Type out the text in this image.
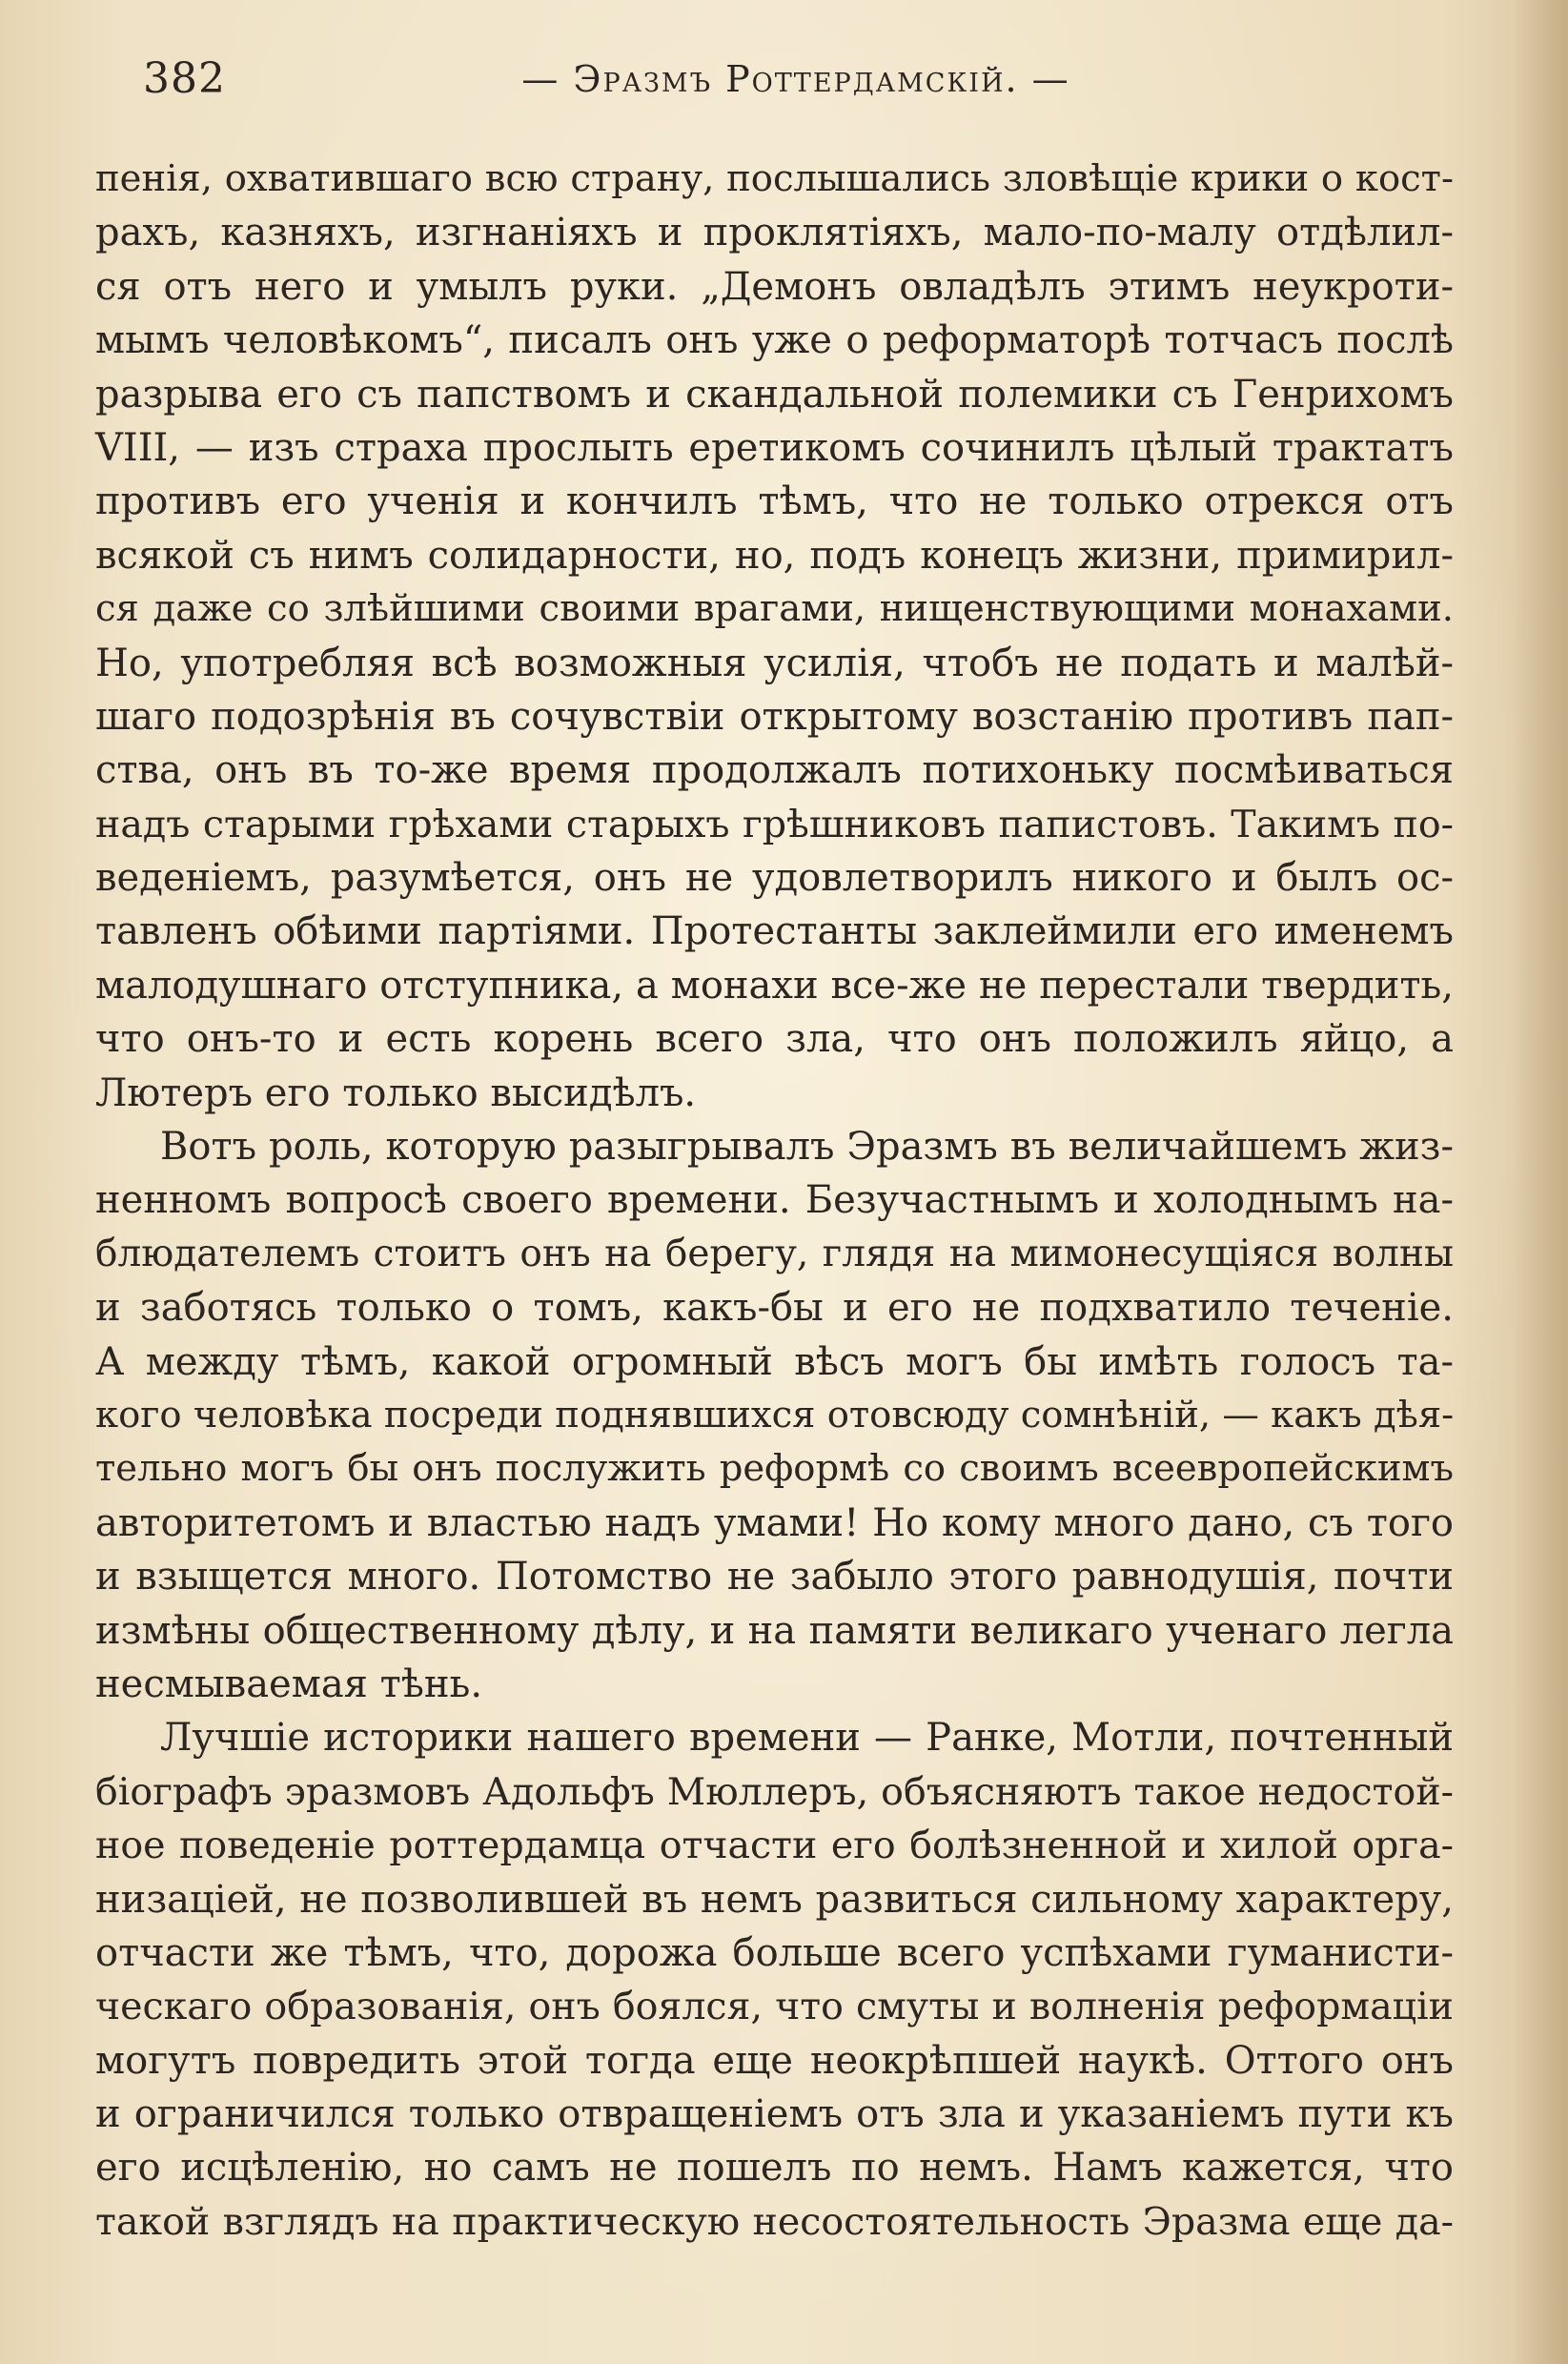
382	— Эразмъ Роттердамскій. —
пенія, охватившаго всю страну, послышались зловѣщіе крики о кост-
рахъ, казняхъ, изгнаніяхъ и проклятіяхъ, мало-по-малу отдѣлил-
ся отъ него и умылъ руки. „Демонъ овладѣлъ этимъ неукроти-
мымъ человѣкомъ“, писалъ онъ уже о реформаторѣ тотчасъ послѣ
разрыва его съ папствомъ и скандальной полемики съ Генрихомъ
VIII, — изъ страха прослыть еретикомъ сочинилъ цѣлый трактатъ
противъ его ученія и кончилъ тѣмъ, что не только отрекся отъ
всякой съ нимъ солидарности, но, подъ конецъ жизни, примирил-
ся даже со злѣйшими своими врагами, нищенствующими монахами.
Но, употребляя всѣ возможныя усилія, чтобъ не подать и малѣй-
шаго подозрѣнія въ сочувствіи открытому возстанію противъ пап-
ства, онъ въ то-же время продолжалъ потихоньку посмѣиваться
надъ старыми грѣхами старыхъ грѣшниковъ папистовъ. Такимъ по-
веденіемъ, разумѣется, онъ не удовлетворилъ никого и былъ ос-
тавленъ обѣими партіями. Протестанты заклеймили его именемъ
малодушнаго отступника, а монахи все-же не перестали твердить,
что онъ-то и есть корень всего зла, что онъ положилъ яйцо, а
Лютеръ его только высидѣлъ.
Вотъ роль, которую разыгрывалъ Эразмъ въ величайшемъ жиз-
ненномъ вопросѣ своего времени. Безучастнымъ и холоднымъ на-
блюдателемъ стоитъ онъ на берегу, глядя на мимонесущіяся волны
и заботясь только о томъ, какъ-бы и его не подхватило теченіе.
А между тѣмъ, какой огромный вѣсъ могъ бы имѣть голосъ та-
кого человѣка посреди поднявшихся отовсюду сомнѣній, — какъ дѣя-
тельно могъ бы онъ послужить реформѣ со своимъ всеевропейскимъ
авторитетомъ и властью надъ умами! Но кому много дано, съ того
и взыщется много. Потомство не забыло этого равнодушія, почти
измѣны общественному дѣлу, и на памяти великаго ученаго легла
несмываемая тѣнь.
Лучшіе историки нашего времени — Ранке, Мотли, почтенный
біографъ эразмовъ Адольфъ Мюллеръ, объясняютъ такое недостой-
ное поведеніе роттердамца отчасти его болѣзненной и хилой орга-
низаціей, не позволившей въ немъ развиться сильному характеру,
отчасти же тѣмъ, что, дорожа больше всего успѣхами гуманисти-
ческаго образованія, онъ боялся, что смуты и волненія реформаціи
могутъ повредить этой тогда еще неокрѣпшей наукѣ. Оттого онъ
и ограничился только отвращеніемъ отъ зла и указаніемъ пути къ
его исцѣленію, но самъ не пошелъ по немъ. Намъ кажется, что
такой взглядъ на практическую несостоятельность Эразма еще да-
